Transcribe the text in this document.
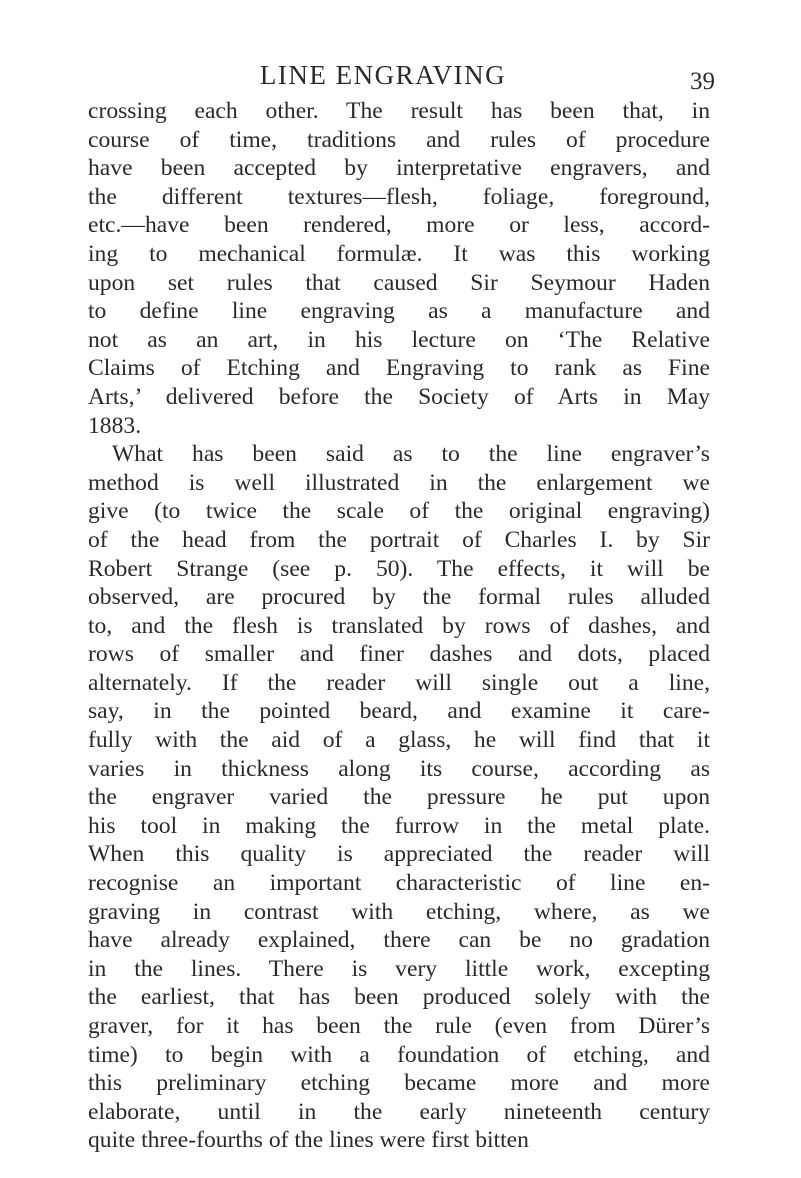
LINE ENGRAVING	39
crossing each other. The result has been that, in
course of time, traditions and rules of procedure
have been accepted by interpretative engravers, and
the different textures—flesh, foliage, foreground,
etc.—have been rendered, more or less, accord-
ing to mechanical formulæ. It was this working
upon set rules that caused Sir Seymour Haden
to define line engraving as a manufacture and
not as an art, in his lecture on ‘The Relative
Claims of Etching and Engraving to rank as Fine
Arts,’ delivered before the Society of Arts in May
1883.
What has been said as to the line engraver’s
method is well illustrated in the enlargement we
give (to twice the scale of the original engraving)
of the head from the portrait of Charles I. by Sir
Robert Strange (see p. 50). The effects, it will be
observed, are procured by the formal rules alluded
to, and the flesh is translated by rows of dashes, and
rows of smaller and finer dashes and dots, placed
alternately. If the reader will single out a line,
say, in the pointed beard, and examine it care-
fully with the aid of a glass, he will find that it
varies in thickness along its course, according as
the engraver varied the pressure he put upon
his tool in making the furrow in the metal plate.
When this quality is appreciated the reader will
recognise an important characteristic of line en-
graving in contrast with etching, where, as we
have already explained, there can be no gradation
in the lines. There is very little work, excepting
the earliest, that has been produced solely with the
graver, for it has been the rule (even from Dürer’s
time) to begin with a foundation of etching, and
this preliminary etching became more and more
elaborate, until in the early nineteenth century
quite three-fourths of the lines were first bitten
